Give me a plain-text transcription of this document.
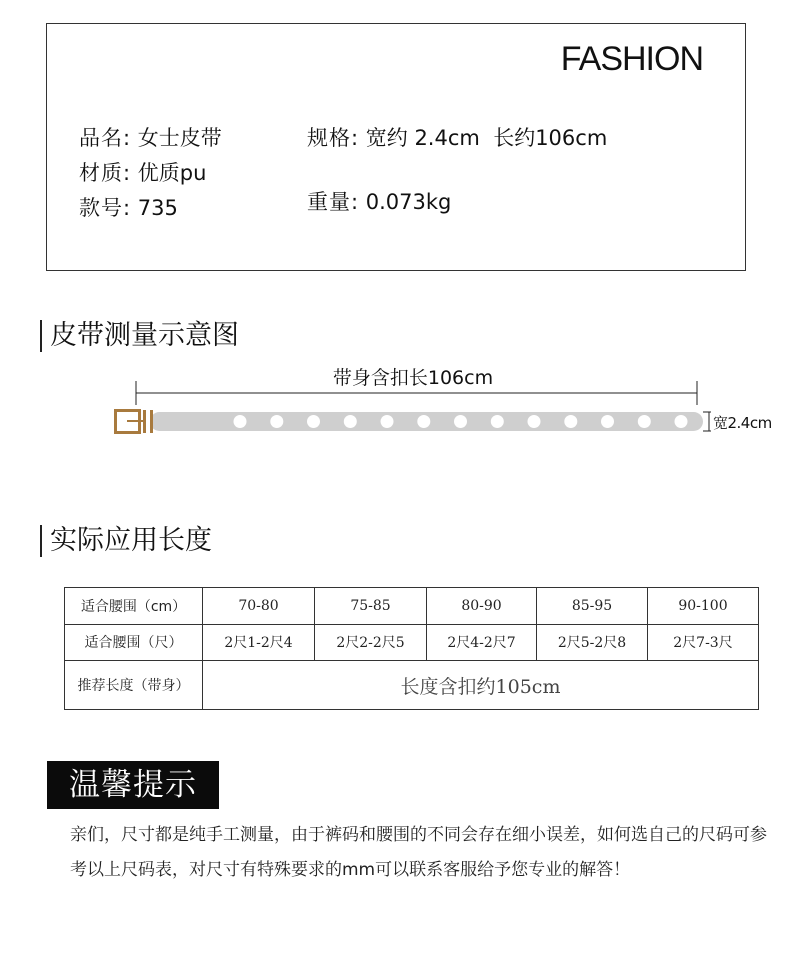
FASHION
品名: 女士皮带
材质: 优质pu
款号: 735
规格: 宽约 2.4cm  长约106cm
重量: 0.073kg
皮带测量示意图
带身含扣长106cm
宽2.4cm
实际应用长度
适合腰围（cm）	70-80	75-85	80-90	85-95	90-100
适合腰围（尺）	2尺1-2尺4	2尺2-2尺5	2尺4-2尺7	2尺5-2尺8	2尺7-3尺
推荐长度（带身）	长度含扣约105cm				
温馨提示
亲们，尺寸都是纯手工测量，由于裤码和腰围的不同会存在细小误差，如何选自己的尺码可参考以上尺码表，对尺寸有特殊要求的mm可以联系客服给予您专业的解答！
